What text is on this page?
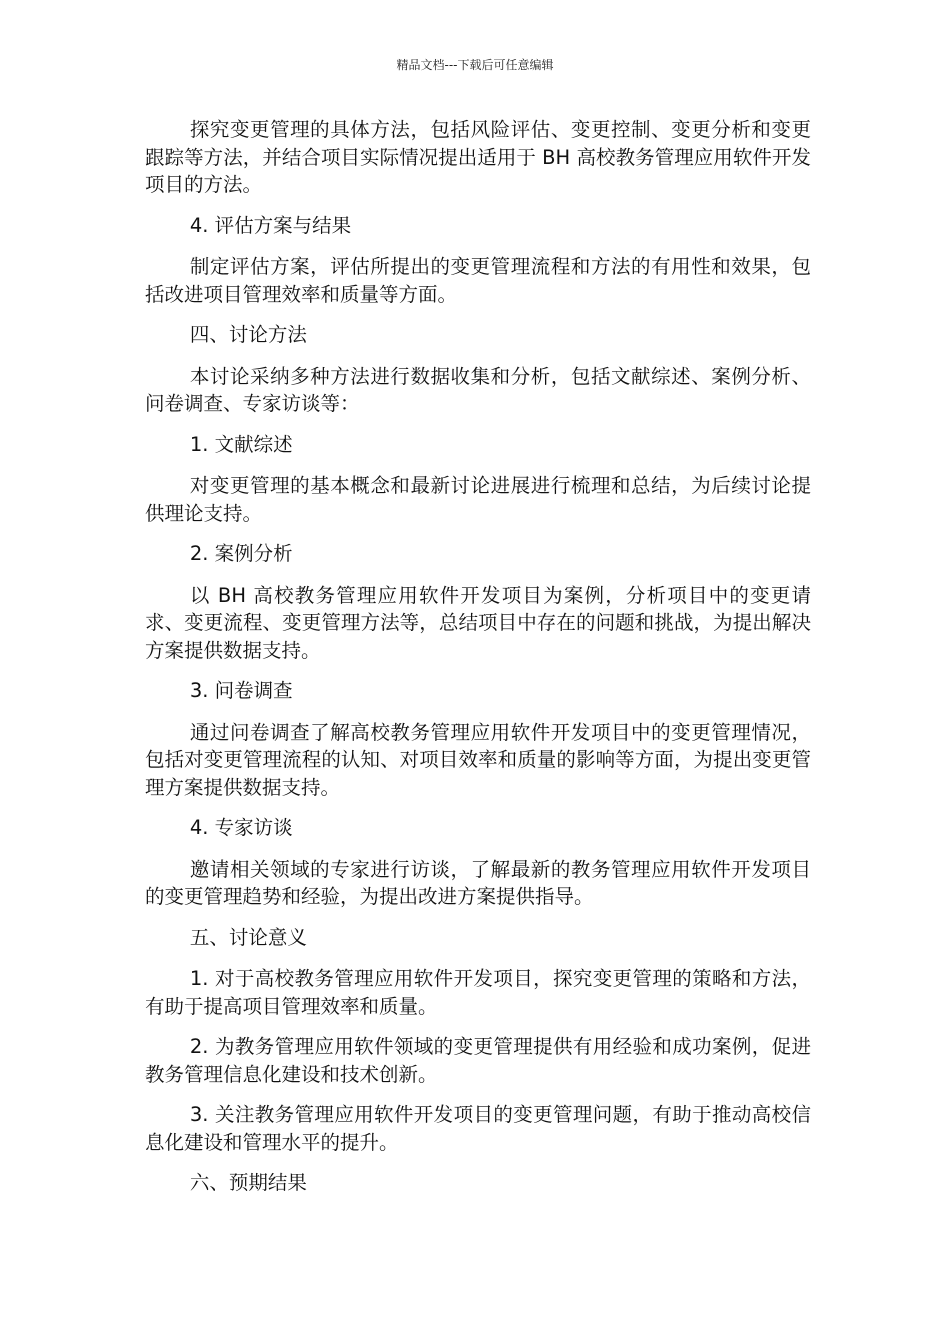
精品文档---下载后可任意编辑

探究变更管理的具体方法，包括风险评估、变更控制、变更分析和变更跟踪等方法，并结合项目实际情况提出适用于 BH 高校教务管理应用软件开发项目的方法。

4. 评估方案与结果

制定评估方案，评估所提出的变更管理流程和方法的有用性和效果，包括改进项目管理效率和质量等方面。

四、讨论方法

本讨论采纳多种方法进行数据收集和分析，包括文献综述、案例分析、问卷调查、专家访谈等：

1. 文献综述

对变更管理的基本概念和最新讨论进展进行梳理和总结，为后续讨论提供理论支持。

2. 案例分析

以 BH 高校教务管理应用软件开发项目为案例，分析项目中的变更请求、变更流程、变更管理方法等，总结项目中存在的问题和挑战，为提出解决方案提供数据支持。

3. 问卷调查

通过问卷调查了解高校教务管理应用软件开发项目中的变更管理情况，包括对变更管理流程的认知、对项目效率和质量的影响等方面，为提出变更管理方案提供数据支持。

4. 专家访谈

邀请相关领域的专家进行访谈，了解最新的教务管理应用软件开发项目的变更管理趋势和经验，为提出改进方案提供指导。

五、讨论意义

1. 对于高校教务管理应用软件开发项目，探究变更管理的策略和方法，有助于提高项目管理效率和质量。

2. 为教务管理应用软件领域的变更管理提供有用经验和成功案例，促进教务管理信息化建设和技术创新。

3. 关注教务管理应用软件开发项目的变更管理问题，有助于推动高校信息化建设和管理水平的提升。

六、预期结果
